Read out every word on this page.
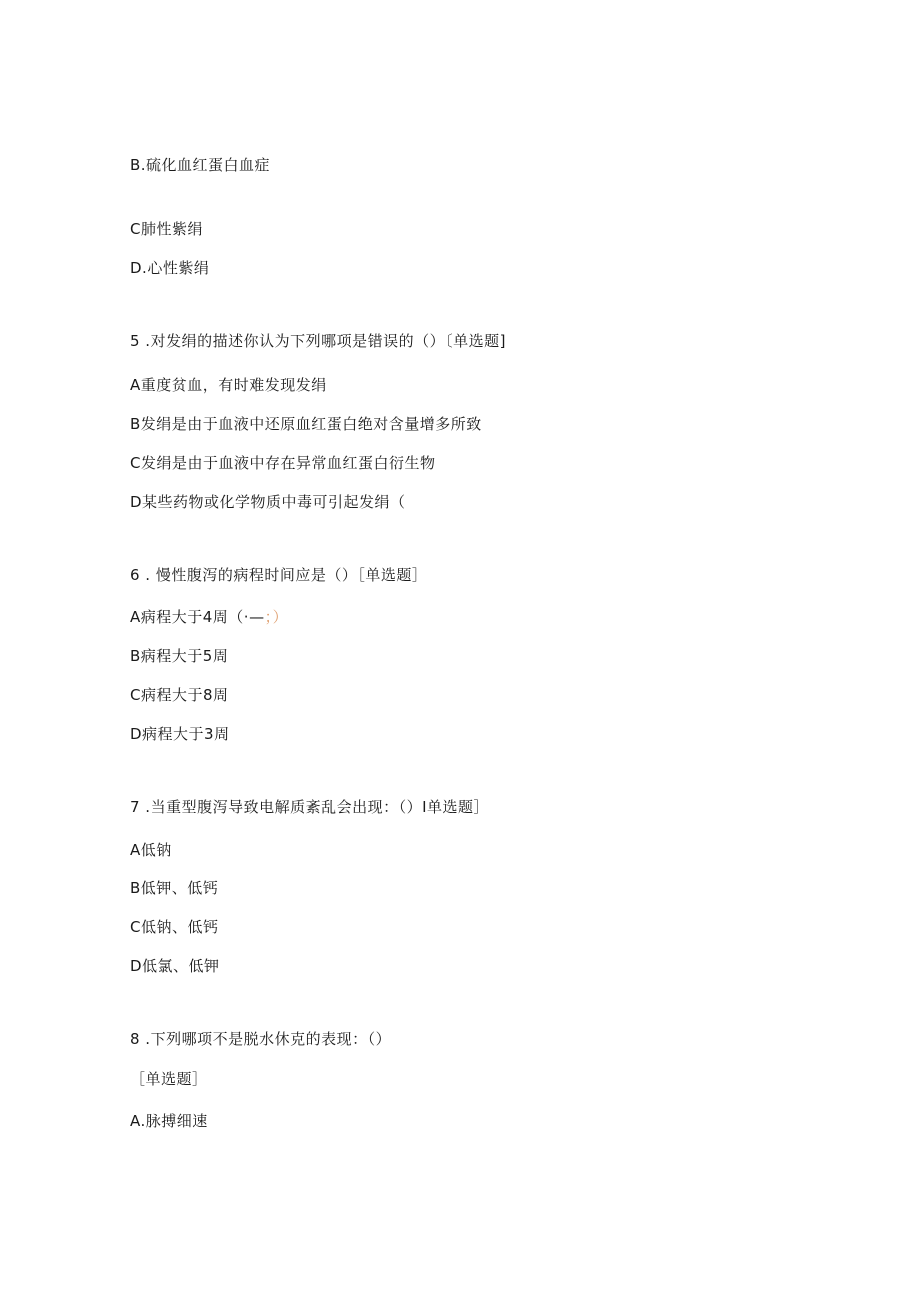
B.硫化血红蛋白血症
C肺性紫绢
D.心性紫绢
5 .对发绢的描述你认为下列哪项是错误的（）〔单选题]
A重度贫血，有时难发现发绢
B发绢是由于血液中还原血红蛋白绝对含量增多所致
C发绢是由于血液中存在异常血红蛋白衍生物
D某些药物或化学物质中毒可引起发绢（
6 . 慢性腹泻的病程时间应是（）［单选题］
A病程大于4周（·—；）
B病程大于5周
C病程大于8周
D病程大于3周
7 .当重型腹泻导致电解质紊乱会出现：（）I单选题］
A低钠
B低钾、低钙
C低钠、低钙
D低氯、低钾
8 .下列哪项不是脱水休克的表现：（）
［单选题］
A.脉搏细速
